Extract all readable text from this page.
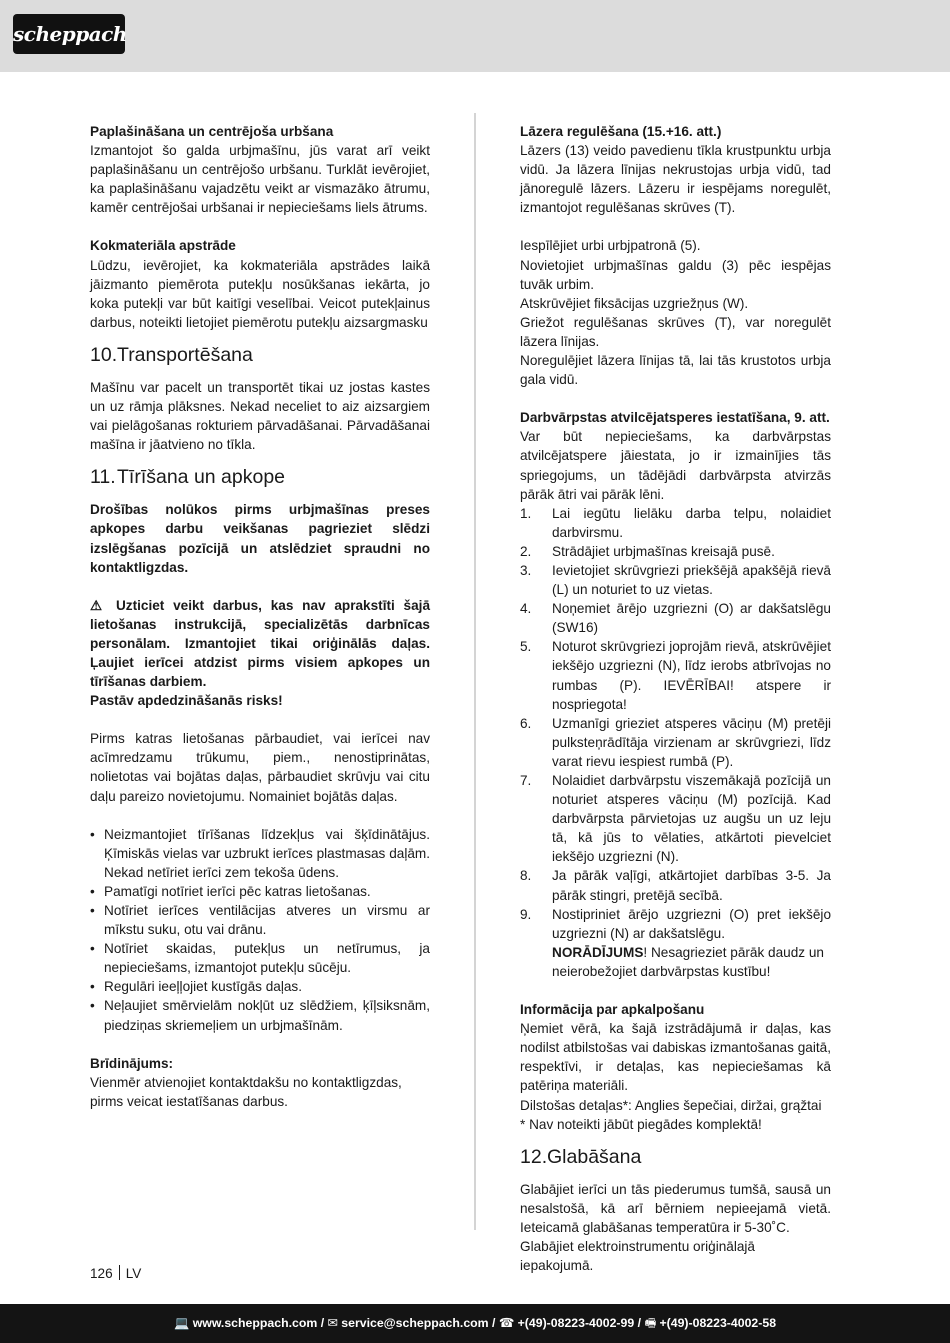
scheppach

Paplašināšana un centrējoša urbšana

Izmantojot šo galda urbjmašīnu, jūs varat arī veikt paplašināšanu un centrējošo urbšanu. Turklāt ievērojiet, ka paplašināšanu vajadzētu veikt ar vismazāko ātrumu, kamēr centrējošai urbšanai ir nepieciešams liels ātrums.

Kokmateriāla apstrāde

Lūdzu, ievērojiet, ka kokmateriāla apstrādes laikā jāizmanto piemērota putekļu nosūkšanas iekārta, jo koka putekļi var būt kaitīgi veselībai. Veicot putekļainus darbus, noteikti lietojiet piemērotu putekļu aizsargmasku

10.Transportēšana

Mašīnu var pacelt un transportēt tikai uz jostas kastes un uz rāmja plāksnes. Nekad neceliet to aiz aizsargiem vai pielāgošanas rokturiem pārvadāšanai. Pārvadāšanai mašīna ir jāatvieno no tīkla.

11.Tīrīšana un apkope

Drošības nolūkos pirms urbjmašīnas preses apkopes darbu veikšanas pagrieziet slēdzi izslēgšanas pozīcijā un atslēdziet spraudni no kontaktligzdas.

⚠ Uzticiet veikt darbus, kas nav aprakstīti šajā lietošanas instrukcijā, specializētās darbnīcas personālam. Izmantojiet tikai oriģinālās daļas. Ļaujiet ierīcei atdzist pirms visiem apkopes un tīrīšanas darbiem.

Pastāv apdedzināšanās risks!

Pirms katras lietošanas pārbaudiet, vai ierīcei nav acīmredzamu trūkumu, piem., nenostiprinātas, nolietotas vai bojātas daļas, pārbaudiet skrūvju vai citu daļu pareizo novietojumu. Nomainiet bojātās daļas.

• Neizmantojiet tīrīšanas līdzekļus vai šķīdinātājus. Ķīmiskās vielas var uzbrukt ierīces plastmasas daļām. Nekad netīriet ierīci zem tekoša ūdens.
• Pamatīgi notīriet ierīci pēc katras lietošanas.
• Notīriet ierīces ventilācijas atveres un virsmu ar mīkstu suku, otu vai drānu.
• Notīriet skaidas, putekļus un netīrumus, ja nepieciešams, izmantojot putekļu sūcēju.
• Regulāri ieeļļojiet kustīgās daļas.
• Neļaujiet smērvielām nokļūt uz slēdžiem, ķīļsiksnām, piedziņas skriemeļiem un urbjmašīnām.

Brīdinājums:

Vienmēr atvienojiet kontaktdakšu no kontaktligzdas, pirms veicat iestatīšanas darbus.

Lāzera regulēšana (15.+16. att.)

Lāzers (13) veido pavedienu tīkla krustpunktu urbja vidū. Ja lāzera līnijas nekrustojas urbja vidū, tad jānoregulē lāzers. Lāzeru ir iespējams noregulēt, izmantojot regulēšanas skrūves (T).

Iespīlējiet urbi urbjpatronā (5).

Novietojiet urbjmašīnas galdu (3) pēc iespējas tuvāk urbim.

Atskrūvējiet fiksācijas uzgriežņus (W).

Griežot regulēšanas skrūves (T), var noregulēt lāzera līnijas.

Noregulējiet lāzera līnijas tā, lai tās krustotos urbja gala vidū.

Darbvārpstas atvilcējatsperes iestatīšana, 9. att.

Var būt nepieciešams, ka darbvārpstas atvilcējatspere jāiestata, jo ir izmainījies tās spriegojums, un tādējādi darbvārpsta atvirzās pārāk ātri vai pārāk lēni.

1.	Lai iegūtu lielāku darba telpu, nolaidiet darbvirsmu.
2.	Strādājiet urbjmašīnas kreisajā pusē.
3.	Ievietojiet skrūvgriezi priekšējā apakšējā rievā (L) un noturiet to uz vietas.
4.	Noņemiet ārējo uzgriezni (O) ar dakšatslēgu (SW16)
5.	Noturot skrūvgriezi joprojām rievā, atskrūvējiet iekšējo uzgriezni (N), līdz ierobs atbrīvojas no rumbas (P). IEVĒRĪBAI! atspere ir nospriegota!
6.	Uzmanīgi grieziet atsperes vāciņu (M) pretēji pulksteņrādītāja virzienam ar skrūvgriezi, līdz varat rievu iespiest rumbā (P).
7.	Nolaidiet darbvārpstu viszemākajā pozīcijā un noturiet atsperes vāciņu (M) pozīcijā. Kad darbvārpsta pārvietojas uz augšu un uz leju tā, kā jūs to vēlaties, atkārtoti pievelciet iekšējo uzgriezni (N).
8.	Ja pārāk vaļīgi, atkārtojiet darbības 3-5. Ja pārāk stingri, pretējā secībā.
9.	Nostipriniet ārējo uzgriezni (O) pret iekšējo uzgriezni (N) ar dakšatslēgu.
NORĀDĪJUMS! Nesagrieziet pārāk daudz un neierobežojiet darbvārpstas kustību!

Informācija par apkalpošanu

Ņemiet vērā, ka šajā izstrādājumā ir daļas, kas nodilst atbilstošas vai dabiskas izmantošanas gaitā, respektīvi, ir detaļas, kas nepieciešamas kā patēriņa materiāli.

Dilstošas detaļas*: Anglies šepečiai, diržai, grąžtai

* Nav noteikti jābūt piegādes komplektā!

12.Glabāšana

Glabājiet ierīci un tās piederumus tumšā, sausā un nesalstošā, kā arī bērniem nepieejamā vietā. Ieteicamā glabāšanas temperatūra ir 5-30˚C.

Glabājiet elektroinstrumentu oriģinālajā iepakojumā.

126 LV
💻 www.scheppach.com / ✉ service@scheppach.com / ☎ +(49)-08223-4002-99 / 🖷 +(49)-08223-4002-58
